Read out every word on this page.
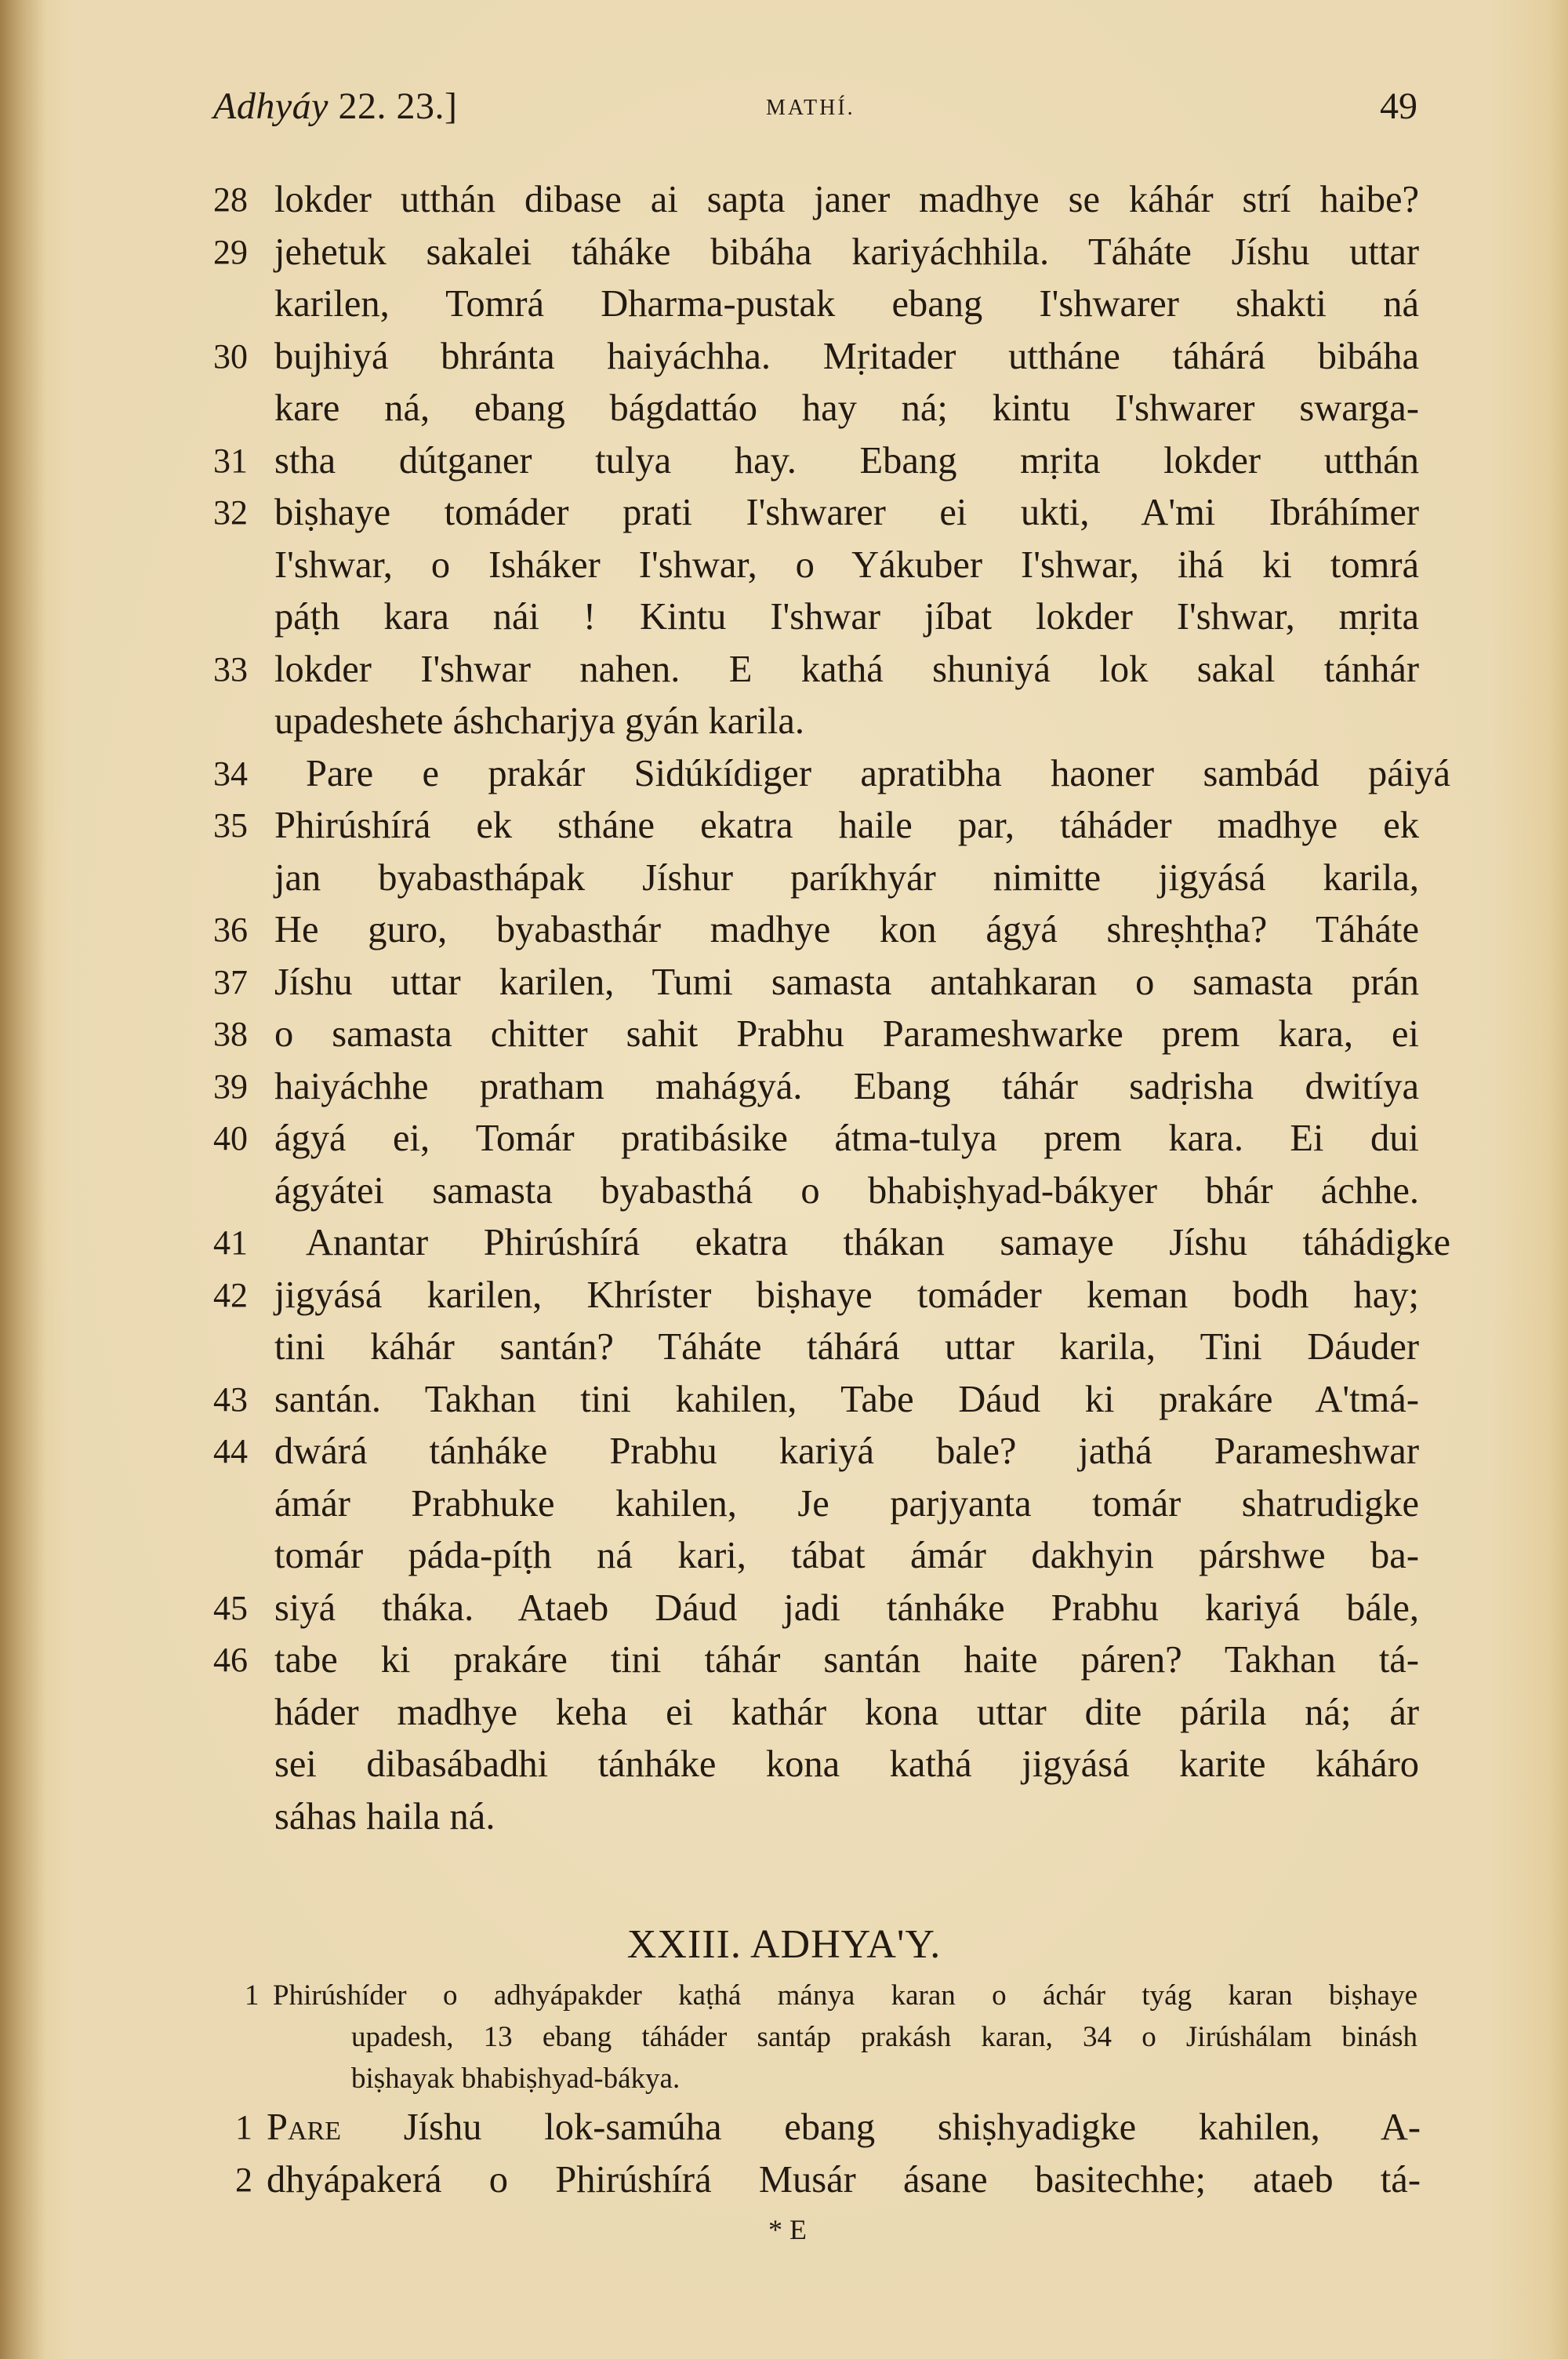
Adhyáy 22. 23.]	MATHÍ.	49
28 lokder utthán dibase ai sapta janer madhye se káhár strí haibe?
29 jehetuk sakalei táháke bibáha kariyáchhila. Táháte Jíshu uttar
karilen, Tomrá Dharma-pustak ebang I'shwarer shakti ná
30 bujhiyá bhránta haiyáchha. Mṛitader uttháne táhárá bibáha
kare ná, ebang bágdattáo hay ná; kintu I'shwarer swarga-
31 stha dútganer tulya hay. Ebang mṛita lokder utthán
32 biṣhaye tomáder prati I'shwarer ei ukti, A'mi Ibráhímer
I'shwar, o Isháker I'shwar, o Yákuber I'shwar, ihá ki tomrá
páṭh kara nái ! Kintu I'shwar jíbat lokder I'shwar, mṛita
33 lokder I'shwar nahen. E kathá shuniyá lok sakal tánhár
upadeshete áshcharjya gyán karila.
34	Pare e prakár Sidúkídiger apratibha haoner sambád páiyá
35 Phirúshírá ek stháne ekatra haile par, táháder madhye ek
jan byabasthápak Jíshur paríkhyár nimitte jigyásá karila,
36 He guro, byabasthár madhye kon ágyá shreṣhṭha? Táháte
37 Jíshu uttar karilen, Tumi samasta antahkaran o samasta prán
38 o samasta chitter sahit Prabhu Parameshwarke prem kara, ei
39 haiyáchhe pratham mahágyá. Ebang táhár sadṛisha dwitíya
40 ágyá ei, Tomár pratibásike átma-tulya prem kara. Ei dui
ágyátei samasta byabasthá o bhabiṣhyad-bákyer bhár áchhe.
41	Anantar Phirúshírá ekatra thákan samaye Jíshu táhádigke
42 jigyásá karilen, Khríster biṣhaye tomáder keman bodh hay;
tini káhár santán? Táháte táhárá uttar karila, Tini Dáuder
43 santán. Takhan tini kahilen, Tabe Dáud ki prakáre A'tmá-
44 dwárá tánháke Prabhu kariyá bale? jathá Parameshwar
ámár Prabhuke kahilen, Je parjyanta tomár shatrudigke
tomár páda-píṭh ná kari, tábat ámár dakhyin párshwe ba-
45 siyá tháka. Ataeb Dáud jadi tánháke Prabhu kariyá bále,
46 tabe ki prakáre tini táhár santán haite páren? Takhan tá-
háder madhye keha ei kathár kona uttar dite párila ná; ár
sei dibasábadhi tánháke kona kathá jigyásá karite káháro
sáhas haila ná.
XXIII. ADHYA'Y.
1 Phirúshíder o adhyápakder kaṭhá mánya karan o áchár tyág karan biṣhaye
upadesh, 13 ebang táháder santáp prakásh karan, 34 o Jirúshálam binásh
biṣhayak bhabiṣhyad-bákya.
1 Pare Jíshu lok-samúha ebang shiṣhyadigke kahilen, A-
2 dhyápakerá o Phirúshírá Musár ásane basitechhe; ataeb tá-
* E
